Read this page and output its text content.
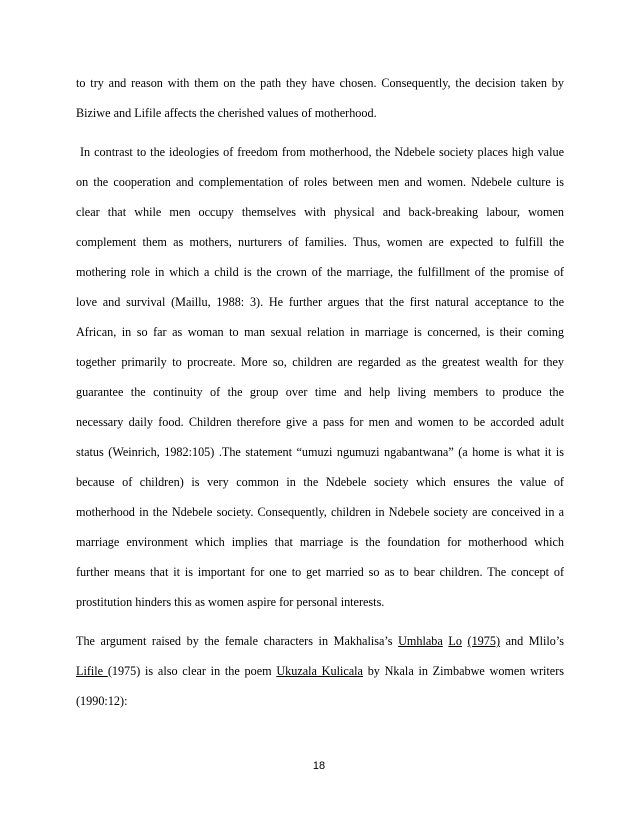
to try and reason with them on the path they have chosen. Consequently, the decision taken by
Biziwe and Lifile affects the cherished values of motherhood.
In contrast to the ideologies of freedom from motherhood, the Ndebele society places high value
on the cooperation and complementation of roles between men and women. Ndebele culture is
clear that while men occupy themselves with physical and back-breaking labour, women
complement them as mothers, nurturers of families. Thus, women are expected to fulfill the
mothering role in which a child is the crown of the marriage, the fulfillment of the promise of
love and survival (Maillu, 1988: 3). He further argues that the first natural acceptance to the
African, in so far as woman to man sexual relation in marriage is concerned, is their coming
together primarily to procreate. More so, children are regarded as the greatest wealth for they
guarantee the continuity of the group over time and help living members to produce the
necessary daily food. Children therefore give a pass for men and women to be accorded adult
status (Weinrich, 1982:105) .The statement “umuzi ngumuzi ngabantwana” (a home is what it is
because of children) is very common in the Ndebele society which ensures the value of
motherhood in the Ndebele society. Consequently, children in Ndebele society are conceived in a
marriage environment which implies that marriage is the foundation for motherhood which
further means that it is important for one to get married so as to bear children. The concept of
prostitution hinders this as women aspire for personal interests.
The argument raised by the female characters in Makhalisa’s Umhlaba Lo (1975) and Mlilo’s
Lifile (1975) is also clear in the poem Ukuzala Kulicala by Nkala in Zimbabwe women writers
(1990:12):
18
